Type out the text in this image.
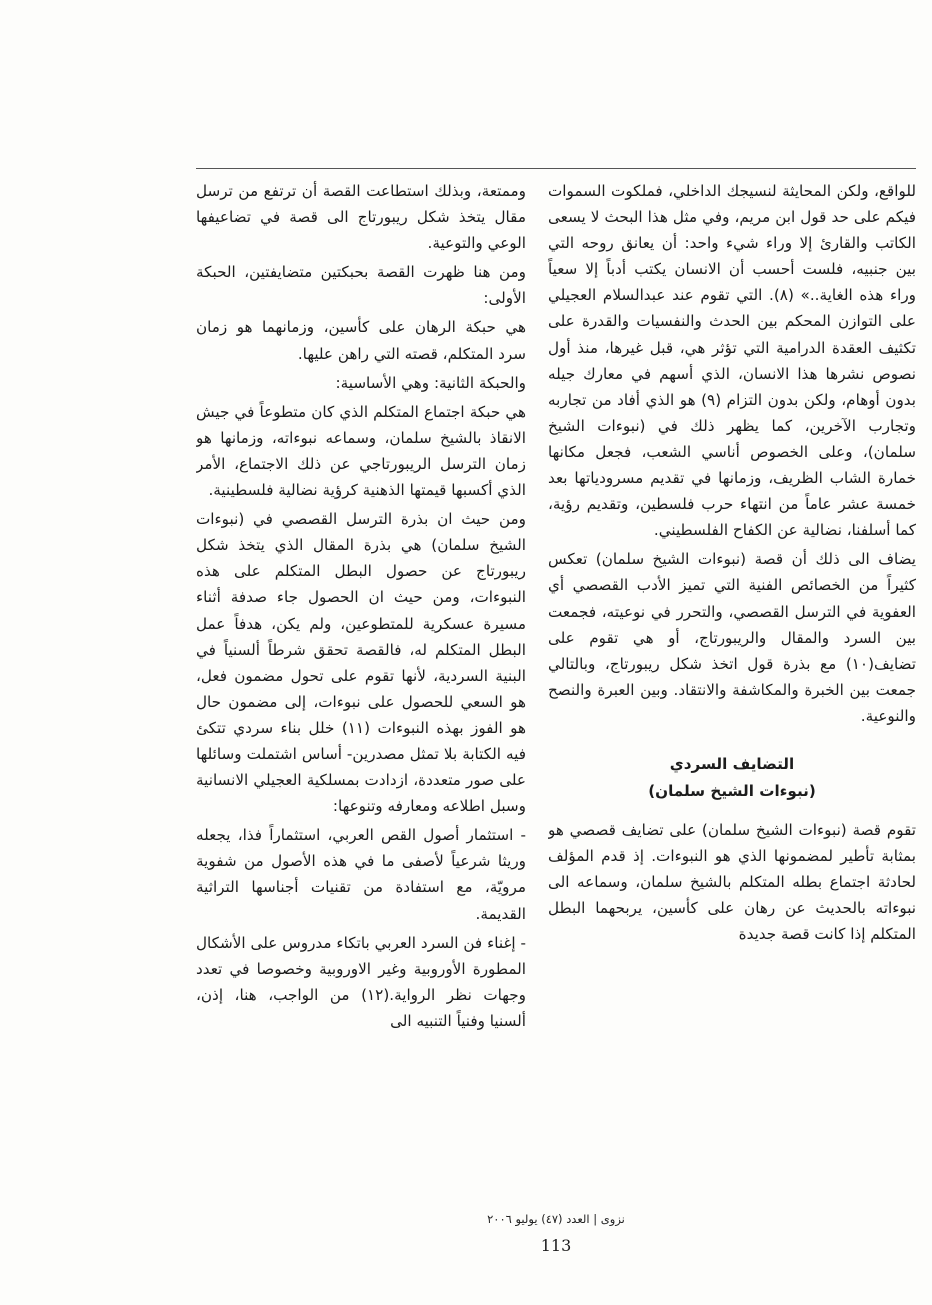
للواقع، ولكن المحايثة لنسيجك الداخلي، فملكوت السموات فيكم على حد قول ابن مريم، وفي مثل هذا البحث لا يسعى الكاتب والقارئ إلا وراء شيء واحد: أن يعانق روحه التي بين جنبيه، فلست أحسب أن الانسان يكتب أدباً إلا سعياً وراء هذه الغاية..» (٨). التي تقوم عند عبدالسلام العجيلي على التوازن المحكم بين الحدث والنفسيات والقدرة على تكثيف العقدة الدرامية التي تؤثر هي، قبل غيرها، منذ أول نصوص نشرها هذا الانسان، الذي أسهم في معارك جيله بدون أوهام، ولكن بدون التزام (٩) هو الذي أفاد من تجاربه وتجارب الآخرين، كما يظهر ذلك في (نبوءات الشيخ سلمان)، وعلى الخصوص أناسي الشعب، فجعل مكانها خمارة الشاب الظريف، وزمانها في تقديم مسرودياتها بعد خمسة عشر عاماً من انتهاء حرب فلسطين، وتقديم رؤية، كما أسلفنا، نضالية عن الكفاح الفلسطيني.

يضاف الى ذلك أن قصة (نبوءات الشيخ سلمان) تعكس كثيراً من الخصائص الفنية التي تميز الأدب القصصي أي العفوية في الترسل القصصي، والتحرر في نوعيته، فجمعت بين السرد والمقال والريبورتاج، أو هي تقوم على تضايف(١٠) مع بذرة قول اتخذ شكل ريبورتاج، وبالتالي جمعت بين الخبرة والمكاشفة والانتقاد. وبين العبرة والنصح والنوعية.

التضايف السردي
(نبوءات الشيخ سلمان)

تقوم قصة (نبوءات الشيخ سلمان) على تضايف قصصي هو بمثابة تأطير لمضمونها الذي هو النبوءات. إذ قدم المؤلف لحادثة اجتماع بطله المتكلم بالشيخ سلمان، وسماعه الى نبوءاته بالحديث عن رهان على كأسين، يربحهما البطل المتكلم إذا كانت قصة جديدة

وممتعة، وبذلك استطاعت القصة أن ترتفع من ترسل مقال يتخذ شكل ريبورتاج الى قصة في تضاعيفها الوعي والتوعية.

ومن هنا ظهرت القصة بحبكتين متضايفتين، الحبكة الأولى:

هي حبكة الرهان على كأسين، وزمانهما هو زمان سرد المتكلم، قصته التي راهن عليها.

والحبكة الثانية: وهي الأساسية:

هي حبكة اجتماع المتكلم الذي كان متطوعاً في جيش الانقاذ بالشيخ سلمان، وسماعه نبوءاته، وزمانها هو زمان الترسل الريبورتاجي عن ذلك الاجتماع، الأمر الذي أكسبها قيمتها الذهنية كرؤية نضالية فلسطينية.

ومن حيث ان بذرة الترسل القصصي في (نبوءات الشيخ سلمان) هي بذرة المقال الذي يتخذ شكل ريبورتاج عن حصول البطل المتكلم على هذه النبوءات، ومن حيث ان الحصول جاء صدفة أثناء مسيرة عسكرية للمتطوعين، ولم يكن، هدفاً عمل البطل المتكلم له، فالقصة تحقق شرطاً ألسنياً في البنية السردية، لأنها تقوم على تحول مضمون فعل، هو السعي للحصول على نبوءات، إلى مضمون حال هو الفوز بهذه النبوءات (١١) خلل بناء سردي تتكئ فيه الكتابة بلا تمثل مصدرين- أساس اشتملت وسائلها على صور متعددة، ازدادت بمسلكية العجيلي الانسانية وسبل اطلاعه ومعارفه وتنوعها:

- استثمار أصول القص العربي، استثماراً فذا، يجعله وريثا شرعياً لأصفى ما في هذه الأصول من شفوية مرويّة، مع استفادة من تقنيات أجناسها التراثية القديمة.

- إغناء فن السرد العربي باتكاء مدروس على الأشكال المطورة الأوروبية وغير الاوروبية وخصوصا في تعدد وجهات نظر الرواية.(١٢) من الواجب، هنا، إذن، ألسنيا وفنياً التنبيه الى

نزوى | العدد (٤٧) يوليو ٢٠٠٦
113
